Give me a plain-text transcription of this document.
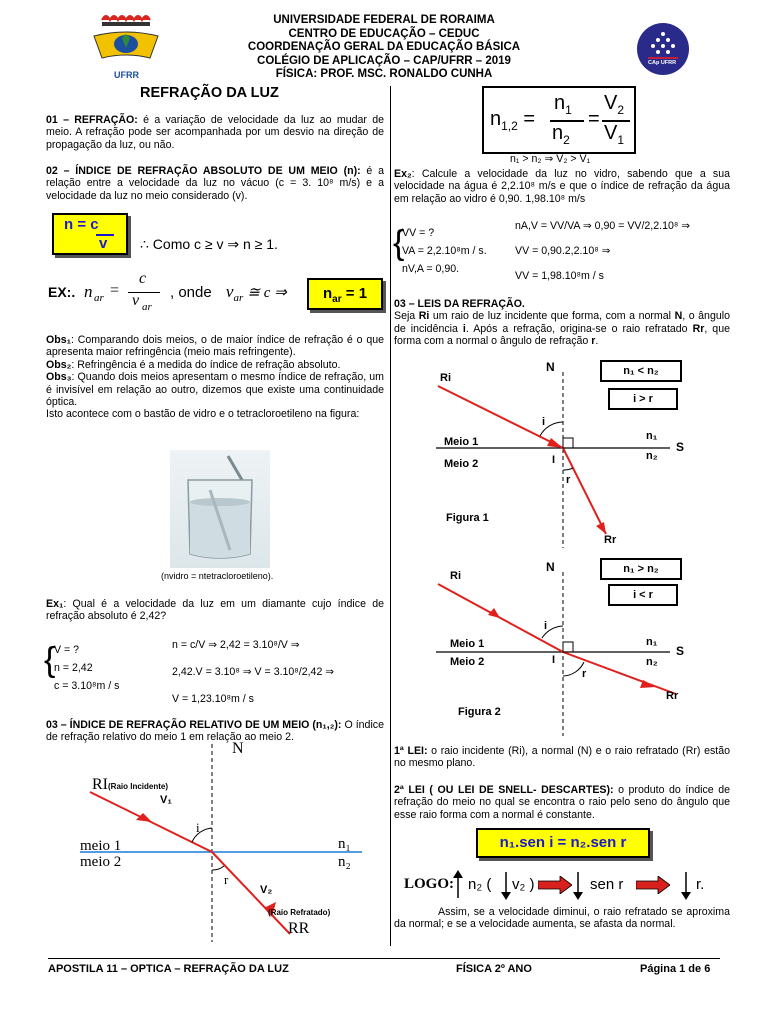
UFRR
CAp UFRR
UNIVERSIDADE FEDERAL DE RORAIMA
CENTRO DE EDUCAÇÃO – CEDUC
COORDENAÇÃO GERAL DA EDUCAÇÃO BÁSICA
COLÉGIO DE APLICAÇÃO – CAP/UFRR – 2019
FÍSICA: PROF. MSC. RONALDO CUNHA
REFRAÇÃO DA LUZ
01 – REFRAÇÃO: é a variação de velocidade da luz ao mudar de meio. A refração pode ser acompanhada por um desvio na direção de propagação da luz, ou não.
02 – ÍNDICE DE REFRAÇÃO ABSOLUTO DE UM MEIO (n): é a relação entre a velocidade da luz no vácuo (c = 3. 10⁸ m/s) e a velocidade da luz no meio considerado (v).
n = c
v ∴ Como c ≥ v ⇒ n ≥ 1.
EX:. n ar =
c
v ar
, onde $v_{ar}$ ≅ c ⇒	$n_{ar} = 1$
Obs₁: Comparando dois meios, o de maior índice de refração é o que apresenta maior refringência (meio mais refringente).
Obs₂: Refringência é a medida do índice de refração absoluto.
Obs₃: Quando dois meios apresentam o mesmo índice de refração, um é invisível em relação ao outro, dizemos que existe uma continuidade óptica.
Isto acontece com o bastão de vidro e o tetracloroetileno na figura:
(nvidro = ntetracloroetileno).
Ex₁: Qual é a velocidade da luz em um diamante cujo índice de refração absoluto é 2,42?
{
V = ?
n = 2,42
c = 3.10⁸m / s
n = c/V ⇒ 2,42 = 3.10⁸/V ⇒
2,42.V = 3.10⁸ ⇒ V = 3.10⁸/2,42 ⇒
V = 1,23.10⁸m / s
03 – ÍNDICE DE REFRAÇÃO RELATIVO DE UM MEIO (n₁,₂): O índice de refração relativo do meio 1 em relação ao meio 2.
N
RI(Raio Incidente)
V₁
i
meio 1
meio 2
n₁
n₂
r
V₂
(Raio Refratado)
RR
$n_{1,2}$ =
$n_1$
$n_2$
=
$V_2$
$V_1$
n₁ > n₂ ⇒ V₂ > V₁
Ex₂: Calcule a velocidade da luz no vidro, sabendo que a sua velocidade na água é 2,2.10⁸ m/s e que o índice de refração da água em relação ao vidro é 0,90. 1,98.10⁸ m/s
{
VV = ?
VA = 2,2.10⁸m / s.
nV,A = 0,90.
nA,V = VV/VA ⇒ 0,90 = VV/2,2.10⁸ ⇒
VV = 0,90.2,2.10⁸ ⇒
VV = 1,98.10⁸m / s
03 – LEIS DA REFRAÇÃO.
Seja Ri um raio de luz incidente que forma, com a normal N, o ângulo de incidência i. Após a refração, origina-se o raio refratado Rr, que forma com a normal o ângulo de refração r.
Ri
N	n₁ < n₂
i > r
i
Meio 1
Meio 2
n₁
n₂
S
I
r
Figura 1
Rr
Ri
N	n₁ > n₂
i < r
i
Meio 1
Meio 2
n₁
n₂
S
I
r
Figura 2
Rr
1ª LEI: o raio incidente (Ri), a normal (N) e o raio refratado (Rr) estão no mesmo plano.
2ª LEI ( OU LEI DE SNELL- DESCARTES): o produto do índice de refração do meio no qual se encontra o raio pelo seno do ângulo que esse raio forma com a normal é constante.
n₁.sen i = n₂.sen r
LOGO: n₂ ( v₂ )	sen r	r.
Assim, se a velocidade diminui, o raio refratado se aproxima da normal; e se a velocidade aumenta, se afasta da normal.
APOSTILA 11 – OPTICA – REFRAÇÃO DA LUZ	FÍSICA 2º ANO	Página 1 de 6
